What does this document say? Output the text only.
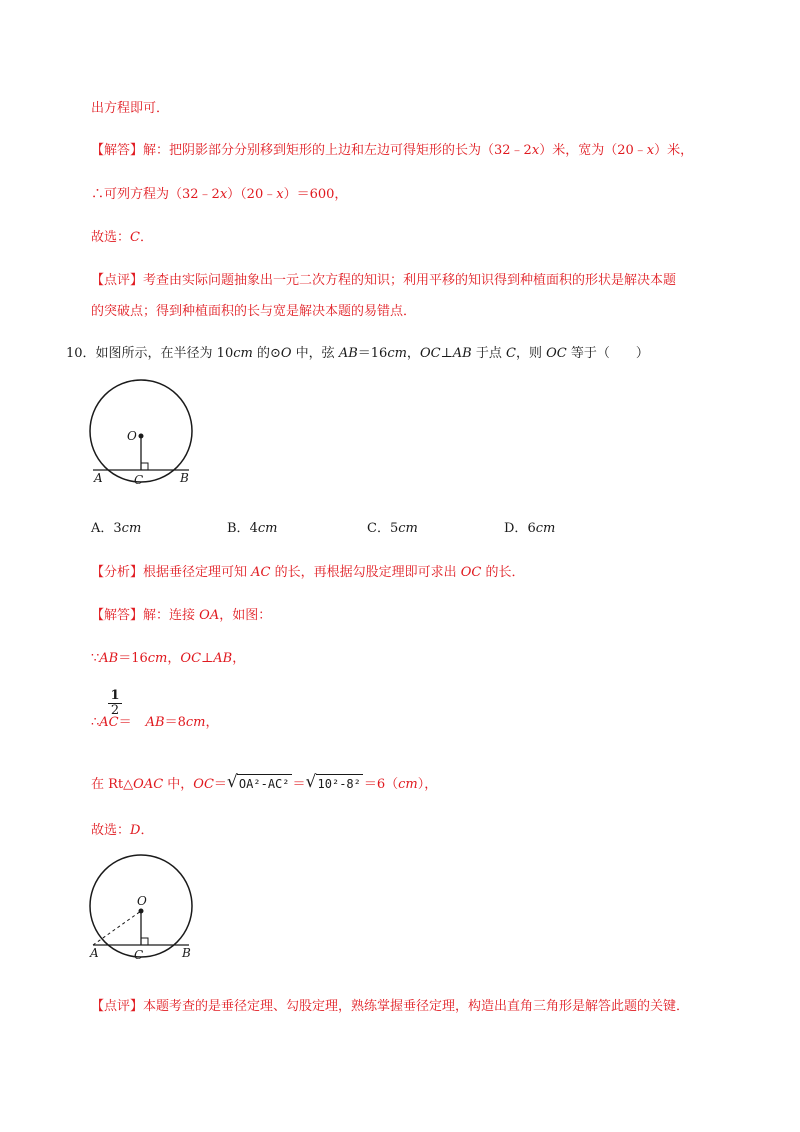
出方程即可．
【解答】解：把阴影部分分别移到矩形的上边和左边可得矩形的长为（32﹣2x）米，宽为（20﹣x）米，
∴可列方程为（32﹣2x）（20﹣x）＝600，
故选：C．
【点评】考查由实际问题抽象出一元二次方程的知识；利用平移的知识得到种植面积的形状是解决本题
的突破点；得到种植面积的长与宽是解决本题的易错点．
10．如图所示，在半径为 10cm 的⊙O 中，弦 AB＝16cm，OC⊥AB 于点 C，则 OC 等于（　　）
O
A	C	B
A．3cm	B．4cm	C．5cm	D．6cm
【分析】根据垂径定理可知 AC 的长，再根据勾股定理即可求出 OC 的长．
【解答】解：连接 OA，如图：
∵AB＝16cm，OC⊥AB，
$\frac{1}{2}$
∴AC＝ AB＝8cm，
在 Rt△OAC 中，OC＝ √ OA²-AC² ＝ √ 10²-8² ＝6（cm），
故选：D．
O
A	C	B
【点评】本题考查的是垂径定理、勾股定理，熟练掌握垂径定理，构造出直角三角形是解答此题的关键．
